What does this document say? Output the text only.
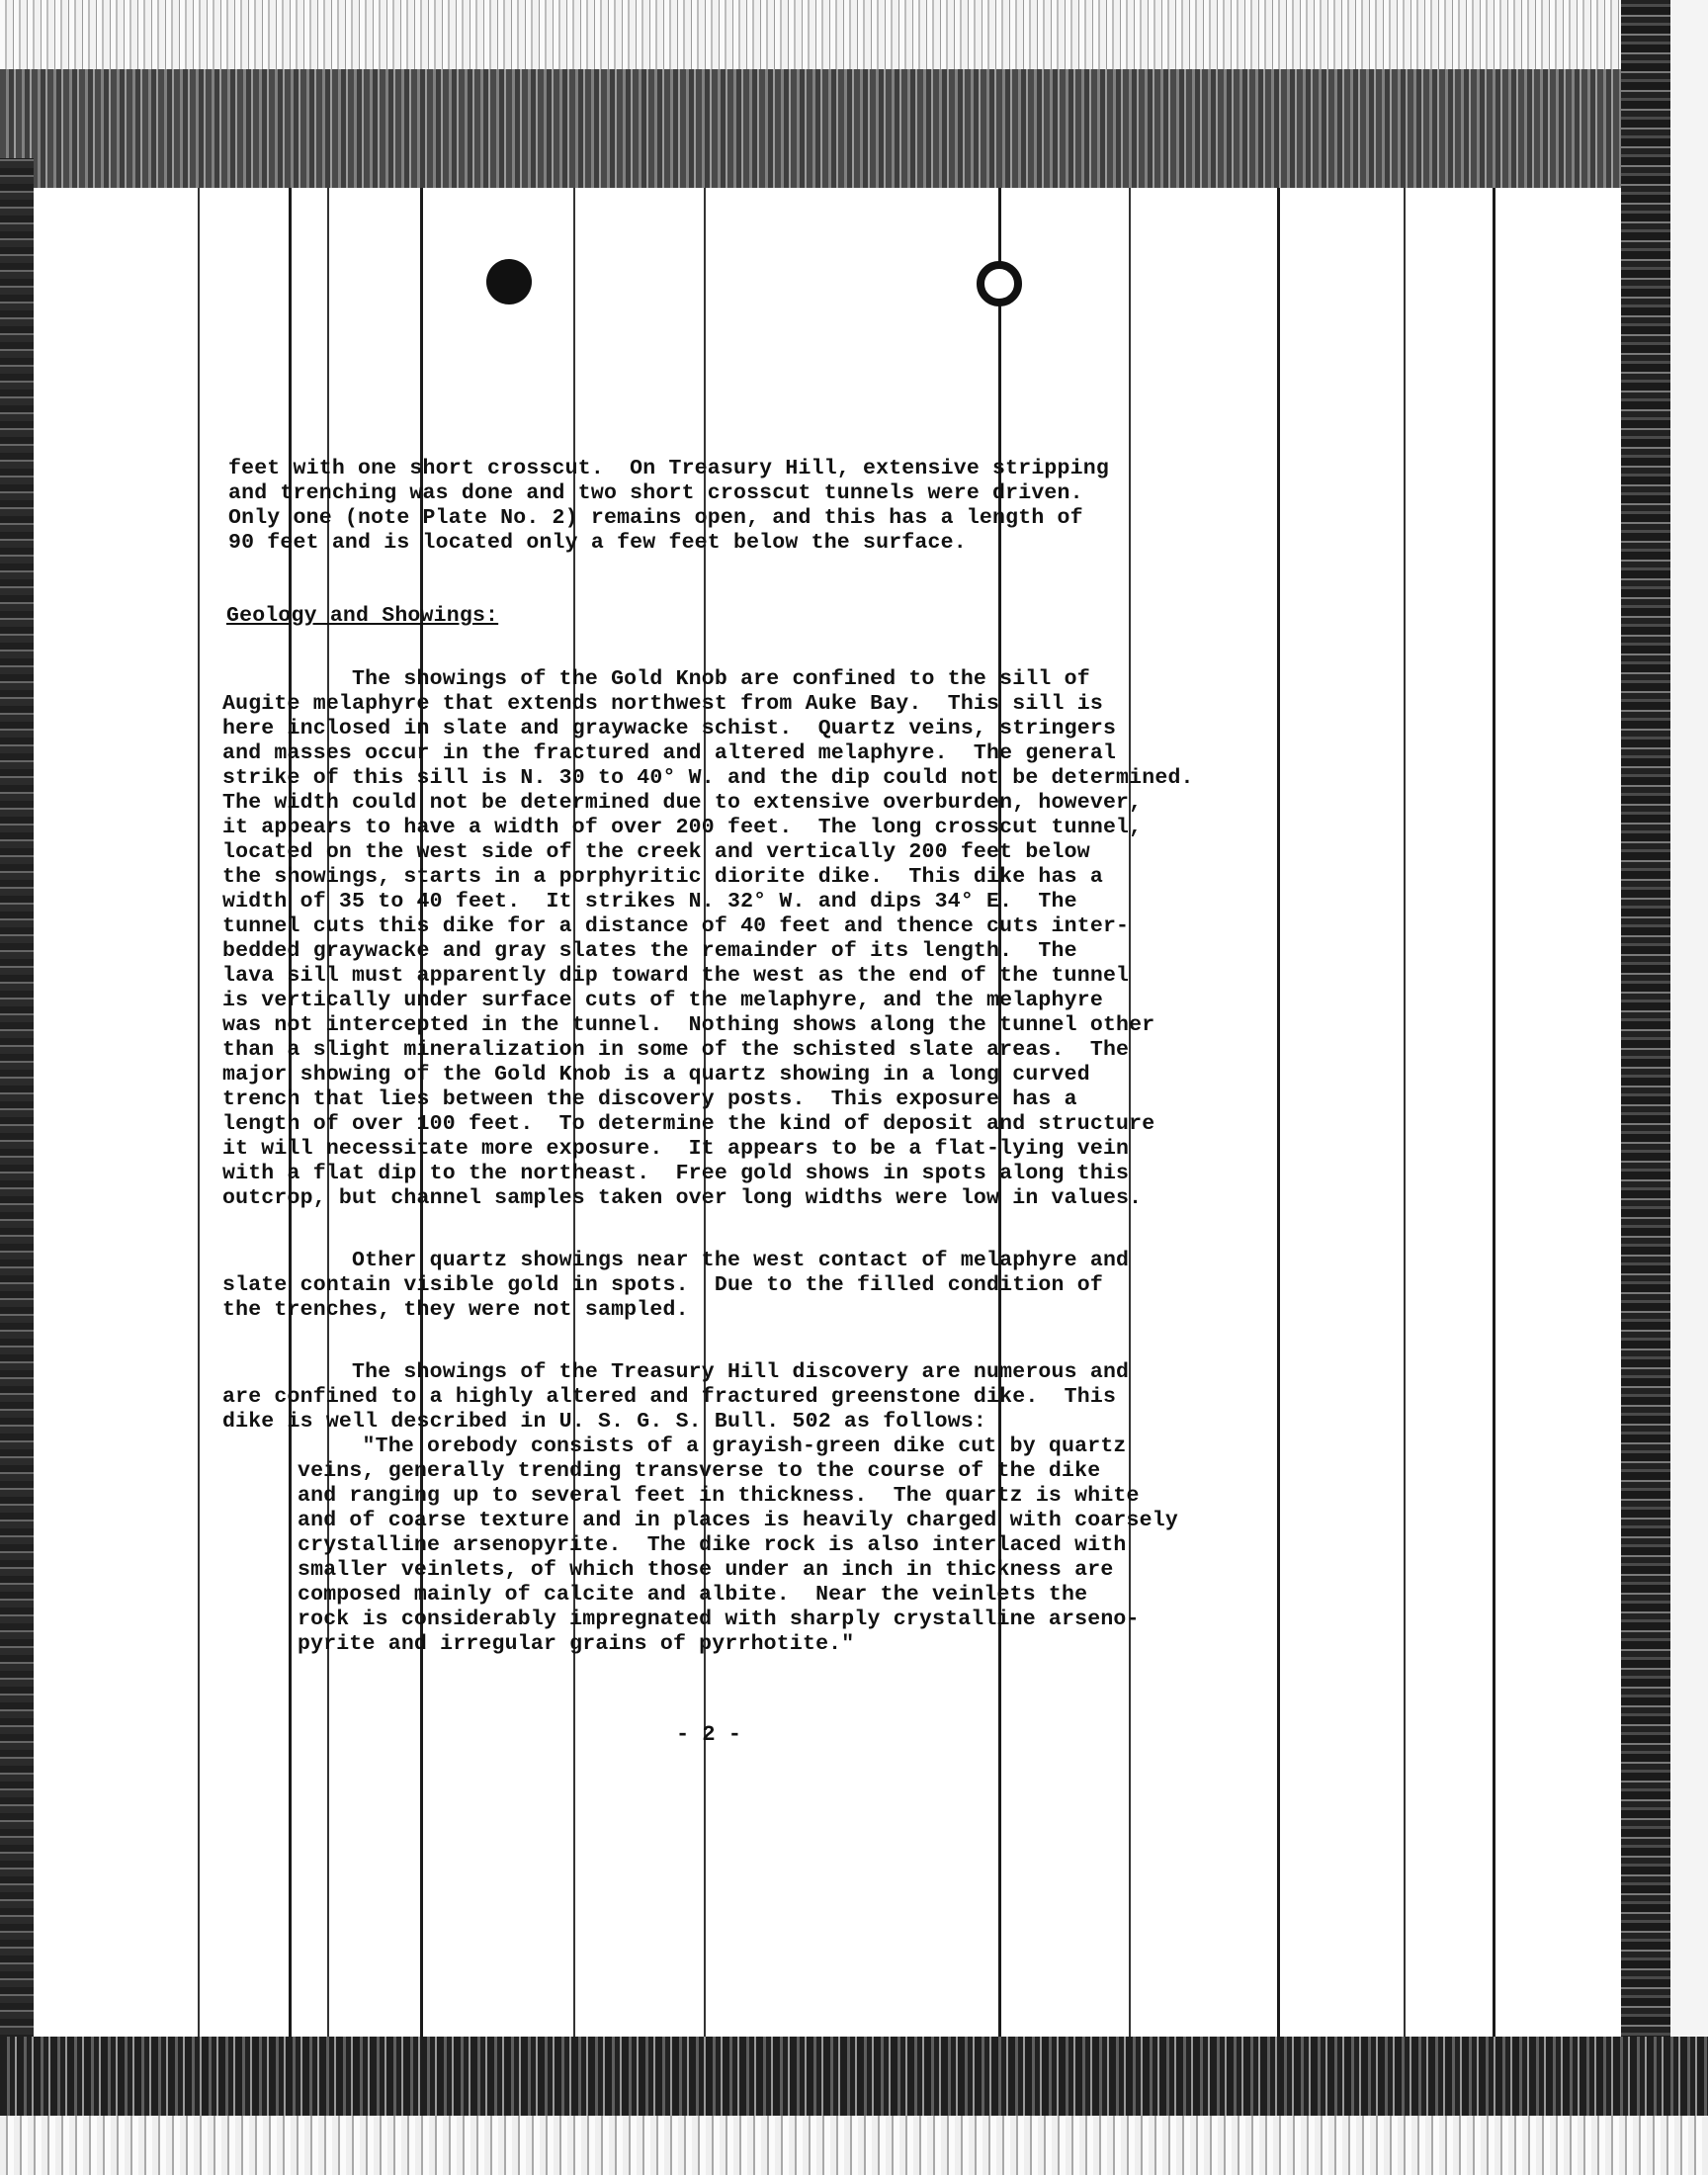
feet with one short crosscut.  On Treasury Hill, extensive stripping
and trenching was done and two short crosscut tunnels were driven.
Only one (note Plate No. 2) remains open, and this has a length of
90 feet and is located only a few feet below the surface.
Geology and Showings:
The showings of the Gold Knob are confined to the sill of
Augite melaphyre that extends northwest from Auke Bay.  This sill is
here inclosed in slate and graywacke schist.  Quartz veins, stringers
and masses occur in the fractured and altered melaphyre.  The general
strike of this sill is N. 30 to 40° W. and the dip could not be determined.
The width could not be determined due to extensive overburden, however,
it appears to have a width of over 200 feet.  The long crosscut tunnel,
located on the west side of the creek and vertically 200 feet below
the showings, starts in a porphyritic diorite dike.  This dike has a
width of 35 to 40 feet.  It strikes N. 32° W. and dips 34° E.  The
tunnel cuts this dike for a distance of 40 feet and thence cuts inter-
bedded graywacke and gray slates the remainder of its length.  The
lava sill must apparently dip toward the west as the end of the tunnel
is vertically under surface cuts of the melaphyre, and the melaphyre
was not intercepted in the tunnel.  Nothing shows along the tunnel other
than a slight mineralization in some of the schisted slate areas.  The
major showing of the Gold Knob is a quartz showing in a long curved
trench that lies between the discovery posts.  This exposure has a
length of over 100 feet.  To determine the kind of deposit and structure
it will necessitate more exposure.  It appears to be a flat-lying vein
with a flat dip to the northeast.  Free gold shows in spots along this
outcrop, but channel samples taken over long widths were low in values.
Other quartz showings near the west contact of melaphyre and
slate contain visible gold in spots.  Due to the filled condition of
the trenches, they were not sampled.
The showings of the Treasury Hill discovery are numerous and
are confined to a highly altered and fractured greenstone dike.  This
dike is well described in U. S. G. S. Bull. 502 as follows:
"The orebody consists of a grayish-green dike cut by quartz
veins, generally trending transverse to the course of the dike
and ranging up to several feet in thickness.  The quartz is white
and of coarse texture and in places is heavily charged with coarsely
crystalline arsenopyrite.  The dike rock is also interlaced with
smaller veinlets, of which those under an inch in thickness are
composed mainly of calcite and albite.  Near the veinlets the
rock is considerably impregnated with sharply crystalline arseno-
pyrite and irregular grains of pyrrhotite."
- 2 -
